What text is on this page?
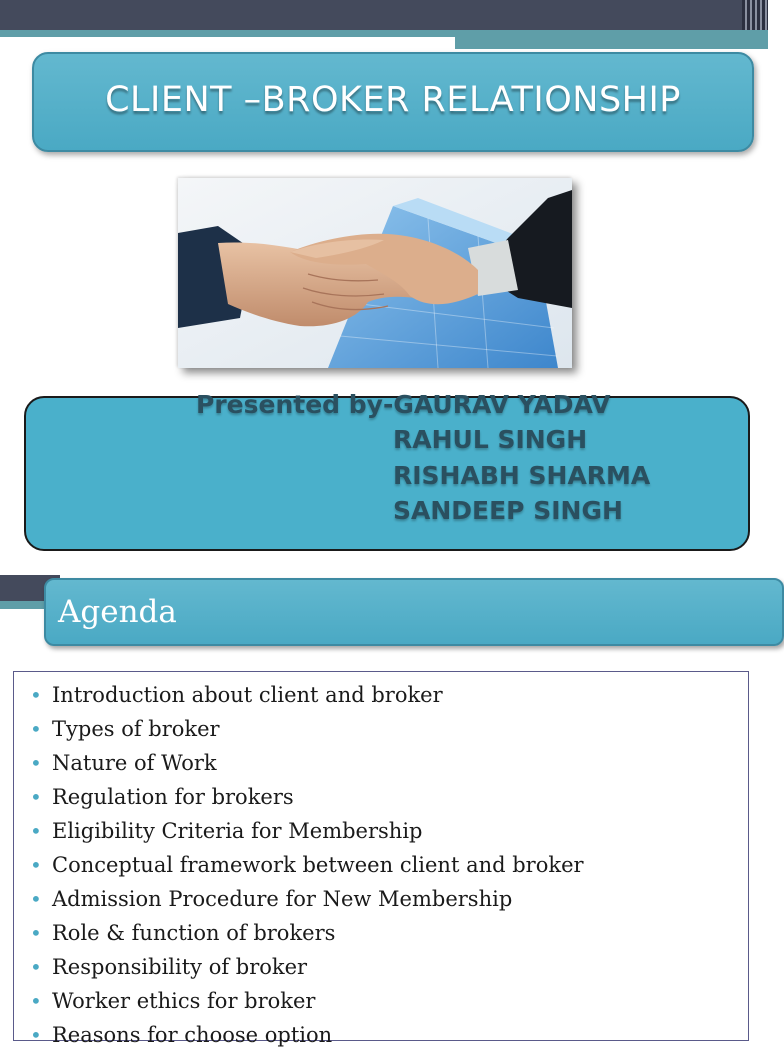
CLIENT –BROKER RELATIONSHIP
Presented by-GAURAV YADAV
RAHUL SINGH
RISHABH SHARMA
SANDEEP SINGH
Agenda
• Introduction about client and broker
• Types of broker
• Nature of Work
• Regulation for brokers
• Eligibility Criteria for Membership
• Conceptual framework between client and broker
• Admission Procedure for New Membership
• Role & function of brokers
• Responsibility of broker
• Worker ethics for broker
• Reasons for choose option
